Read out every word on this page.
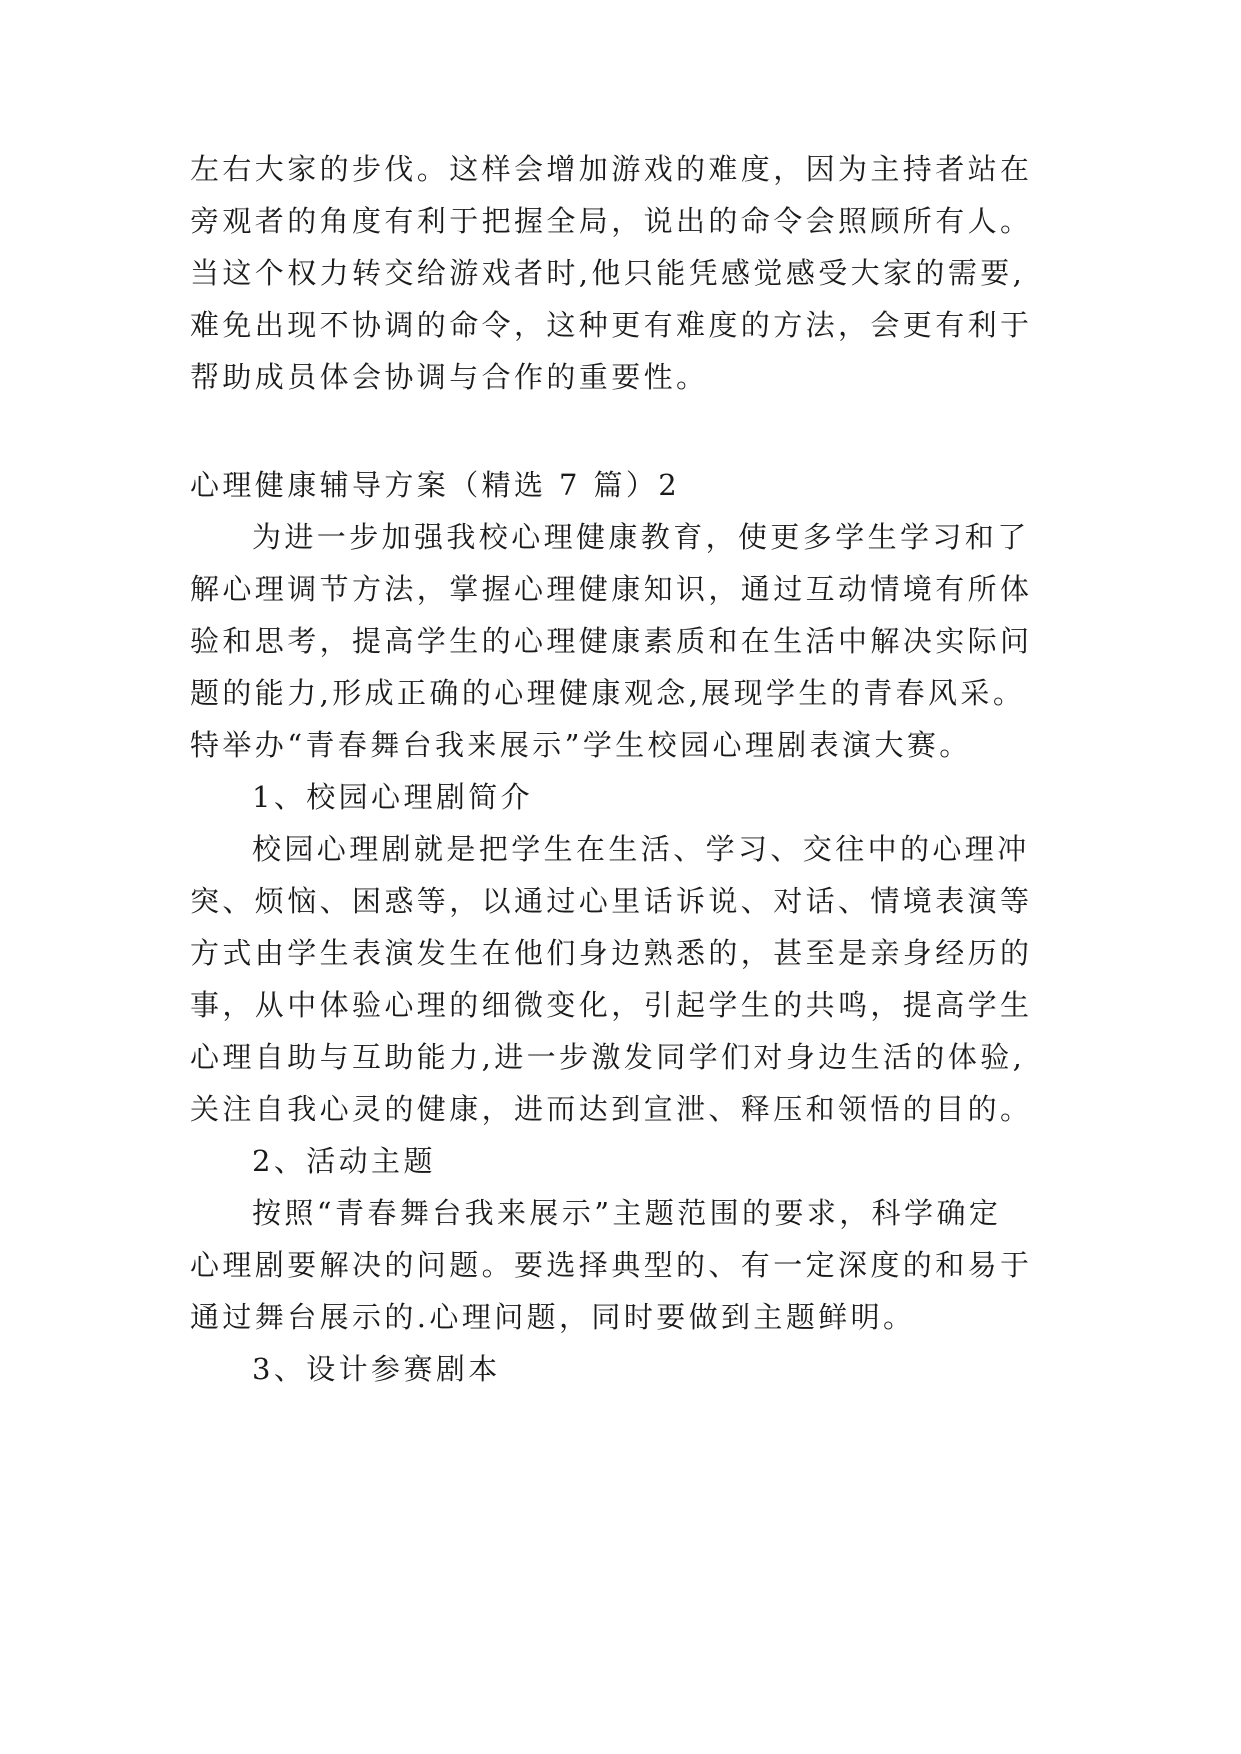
左右大家的步伐。这样会增加游戏的难度，因为主持者站在
旁观者的角度有利于把握全局，说出的命令会照顾所有人。
当这个权力转交给游戏者时,他只能凭感觉感受大家的需要,
难免出现不协调的命令，这种更有难度的方法，会更有利于
帮助成员体会协调与合作的重要性。
心理健康辅导方案（精选 7 篇）2
为进一步加强我校心理健康教育，使更多学生学习和了
解心理调节方法，掌握心理健康知识，通过互动情境有所体
验和思考，提高学生的心理健康素质和在生活中解决实际问
题的能力,形成正确的心理健康观念,展现学生的青春风采。
特举办“青春舞台我来展示”学生校园心理剧表演大赛。
1、校园心理剧简介
校园心理剧就是把学生在生活、学习、交往中的心理冲
突、烦恼、困惑等，以通过心里话诉说、对话、情境表演等
方式由学生表演发生在他们身边熟悉的，甚至是亲身经历的
事，从中体验心理的细微变化，引起学生的共鸣，提高学生
心理自助与互助能力,进一步激发同学们对身边生活的体验,
关注自我心灵的健康，进而达到宣泄、释压和领悟的目的。
2、活动主题
按照“青春舞台我来展示”主题范围的要求，科学确定
心理剧要解决的问题。要选择典型的、有一定深度的和易于
通过舞台展示的.心理问题，同时要做到主题鲜明。
3、设计参赛剧本
